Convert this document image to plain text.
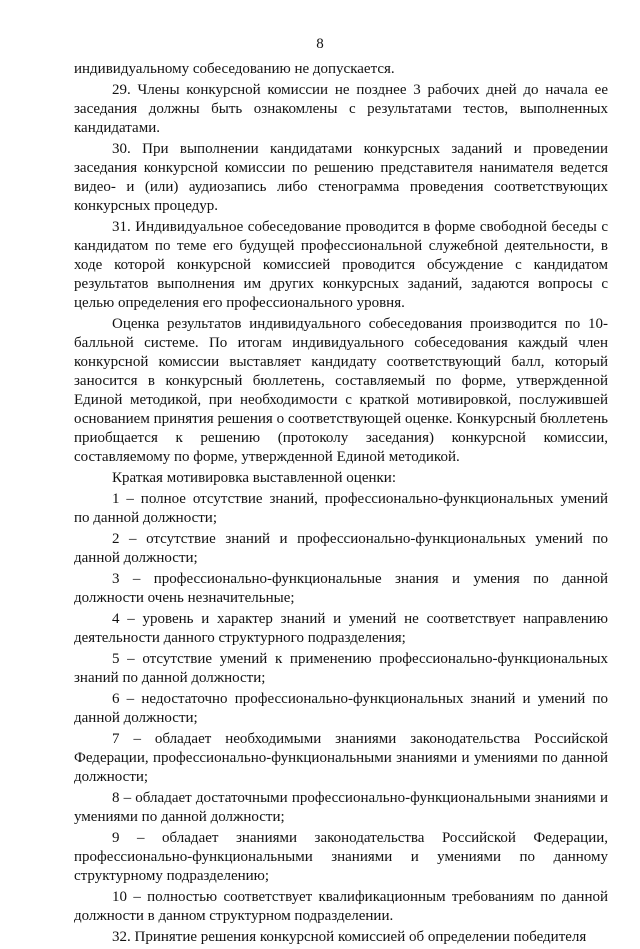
8

индивидуальному собеседованию не допускается.

29. Члены конкурсной комиссии не позднее 3 рабочих дней до начала ее заседания должны быть ознакомлены с результатами тестов, выполненных кандидатами.

30. При выполнении кандидатами конкурсных заданий и проведении заседания конкурсной комиссии по решению представителя нанимателя ведется видео- и (или) аудиозапись либо стенограмма проведения соответствующих конкурсных процедур.

31. Индивидуальное собеседование проводится в форме свободной беседы с кандидатом по теме его будущей профессиональной служебной деятельности, в ходе которой конкурсной комиссией проводится обсуждение с кандидатом результатов выполнения им других конкурсных заданий, задаются вопросы с целью определения его профессионального уровня.

Оценка результатов индивидуального собеседования производится по 10-балльной системе. По итогам индивидуального собеседования каждый член конкурсной комиссии выставляет кандидату соответствующий балл, который заносится в конкурсный бюллетень, составляемый по форме, утвержденной Единой методикой, при необходимости с краткой мотивировкой, послужившей основанием принятия решения о соответствующей оценке. Конкурсный бюллетень приобщается к решению (протоколу заседания) конкурсной комиссии, составляемому по форме, утвержденной Единой методикой.

Краткая мотивировка выставленной оценки:

1 – полное отсутствие знаний, профессионально-функциональных умений по данной должности;

2 – отсутствие знаний и профессионально-функциональных умений по данной должности;

3 – профессионально-функциональные знания и умения по данной должности очень незначительные;

4 – уровень и характер знаний и умений не соответствует направлению деятельности данного структурного подразделения;

5 – отсутствие умений к применению профессионально-функциональных знаний по данной должности;

6 – недостаточно профессионально-функциональных знаний и умений по данной должности;

7 – обладает необходимыми знаниями законодательства Российской Федерации, профессионально-функциональными знаниями и умениями по данной должности;

8 – обладает достаточными профессионально-функциональными знаниями и умениями по данной должности;

9 – обладает знаниями законодательства Российской Федерации, профессионально-функциональными знаниями и умениями по данному структурному подразделению;

10 – полностью соответствует квалификационным требованиям по данной должности в данном структурном подразделении.

32. Принятие решения конкурсной комиссией об определении победителя
